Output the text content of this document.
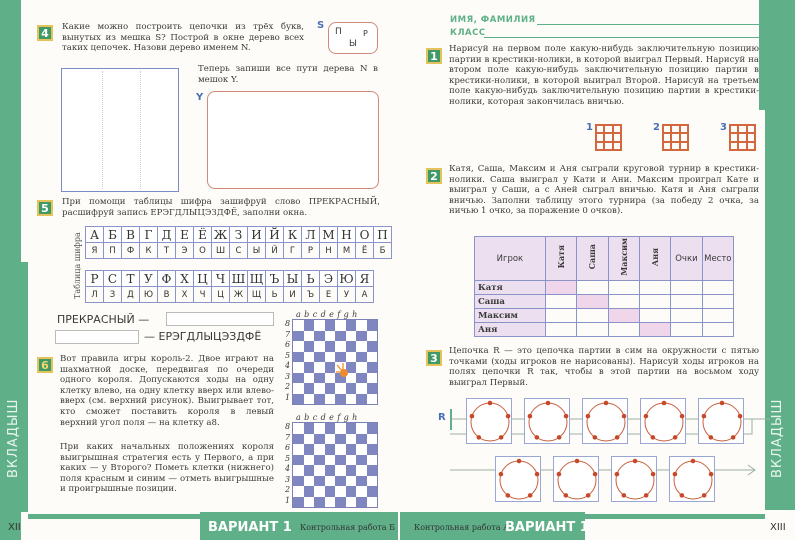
ВКЛАДЫШ	ВКЛАДЫШ
XII	XIII
ВАРИАНТ 1 Контрольная работа Б Контрольная работа А
ВАРИАНТ 1
4	Какие можно построить цепочки из трёх букв, вынутых из мешка S? Построй в окне дерево всех таких цепочек. Назови дерево именем N.
S
П	Р
Ы
Теперь запиши все пути дерева N в мешок Y.
Y
5	При помощи таблицы шифра зашифруй слово ПРЕКРАСНЫЙ, расшифруй запись ЕРЭГДЛЫЦЭЗДФЁ, заполни окна.
Таблица шифра А	Б	В	Г	Д	Е	Ё	Ж	З	И	Й	К	Л	М	Н	О	П
Я	П	Ф	К	Т	Э	О	Ш	С	Ы	Й	Г	Р	Н	М	Ё	Б
Р	С	Т	У	Ф	Х	Ц	Ч	Ш	Щ	Ъ	Ы	Ь	Э	Ю	Я
Л	З	Д	Ю	В	Х	Ч	Ц	Ж	Щ	Ь	И	Ъ	Е	У	А
ПРЕКРАСНЫЙ —
— ЕРЭГДЛЫЦЭЗДФЁ
6	Вот правила игры король-2. Двое играют на шахматной доске, передвигая по очереди одного короля. Допускаются ходы на одну клетку влево, на одну клетку вверх или влево-вверх (см. верхний рисунок). Выигрывает тот, кто сможет поставить короля в левый верхний угол поля — на клетку a8.
При каких начальных положениях короля выигрышная стратегия есть у Первого, а при каких — у Второго? Пометь клетки (нижнего) поля красным и синим — отметь выигрышные и проигрышные позиции.
a b c d e f g h
8
7
6
5
4
3
2
1
a b c d e f g h
8
7
6
5
4
3
2
1
ИМЯ, ФАМИЛИЯ
КЛАСС
1
Нарисуй на первом поле какую-нибудь заключительную позицию партии в крестики-нолики, в которой выиграл Первый. Нарисуй на втором поле какую-нибудь заключительную позицию партии в крестики-нолики, в которой выиграл Второй. Нарисуй на третьем поле какую-нибудь заключительную позицию партии в крестики-нолики, которая закончилась вничью.
1	2	3
2
Катя, Саша, Максим и Аня сыграли круговой турнир в крестики-нолики. Саша выиграл у Кати и Ани. Максим проиграл Кате и выиграл у Саши, а с Аней сыграл вничью. Катя и Аня сыграли вничью. Заполни таблицу этого турнира (за победу 2 очка, за ничью 1 очко, за поражение 0 очков).
Игрок	Катя	Саша	Максим	Аня	Очки	Место
Катя						
Саша						
Максим						
Аня						
3
Цепочка R — это цепочка партии в сим на окружности с пятью точками (ходы игроков не нарисованы). Нарисуй ходы игроков на полях цепочки R так, чтобы в этой партии на восьмом ходу выиграл Первый.
R
